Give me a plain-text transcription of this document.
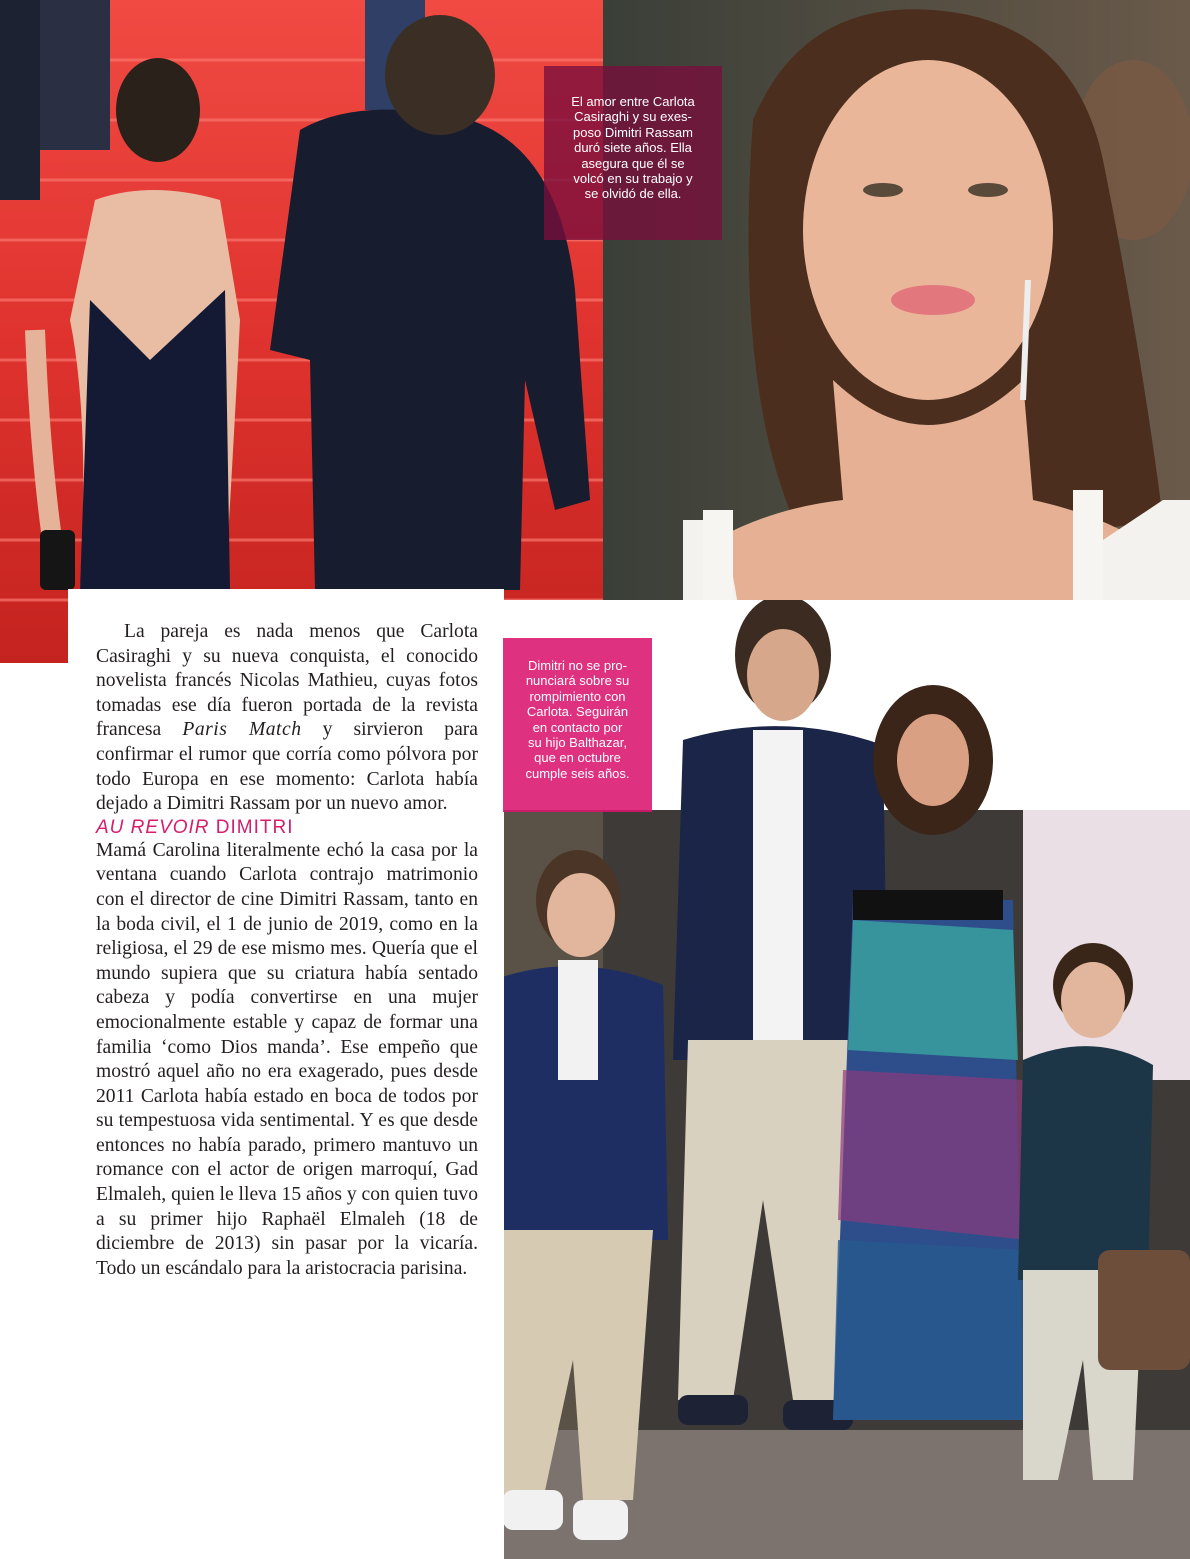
El amor entre Carlota
Casiraghi y su exes-
poso Dimitri Rassam
duró siete años. Ella
asegura que él se
volcó en su trabajo y
se olvidó de ella.
Dimitri no se pro-
nunciará sobre su
rompimiento con
Carlota. Seguirán
en contacto por
su hijo Balthazar,
que en octubre
cumple seis años.

La pareja es nada menos que Carlota Casiraghi y su nueva conquista, el conocido novelista francés Nicolas Mathieu, cuyas fotos tomadas ese día fueron portada de la revista francesa Paris Match y sirvieron para confirmar el rumor que corría como pólvora por todo Europa en ese momento: Carlota había dejado a Dimitri Rassam por un nuevo amor.

AU REVOIR DIMITRI

Mamá Carolina literalmente echó la casa por la ventana cuando Carlota contrajo matrimonio con el director de cine Dimitri Rassam, tanto en la boda civil, el 1 de junio de 2019, como en la religiosa, el 29 de ese mismo mes. Quería que el mundo supiera que su criatura había sentado cabeza y podía convertirse en una mujer emocionalmente estable y capaz de formar una familia ‘como Dios manda’. Ese empeño que mostró aquel año no era exagerado, pues desde 2011 Carlota había estado en boca de todos por su tempestuosa vida sentimental. Y es que desde entonces no había parado, primero mantuvo un romance con el actor de origen marroquí, Gad Elmaleh, quien le lleva 15 años y con quien tuvo a su primer hijo Raphaël Elmaleh (18 de diciembre de 2013) sin pasar por la vicaría. Todo un escándalo para la aristocracia parisina.
